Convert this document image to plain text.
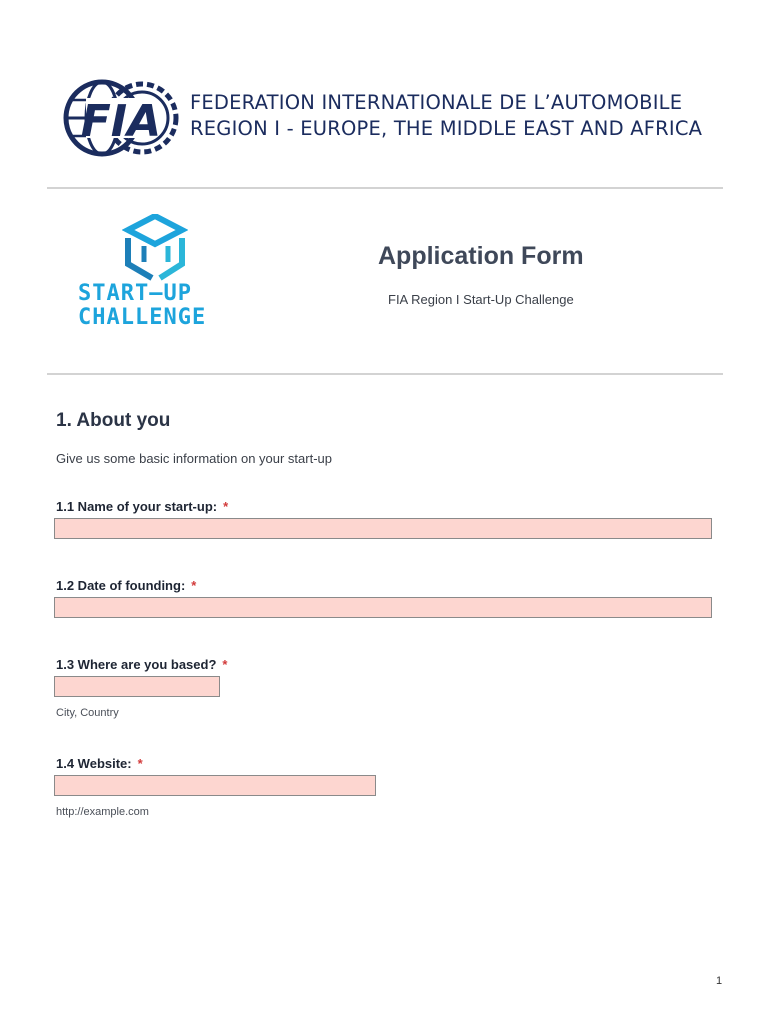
FIA FEDERATION INTERNATIONALE DE L’AUTOMOBILE
REGION I - EUROPE, THE MIDDLE EAST AND AFRICA
START–UP
CHALLENGE
Application Form
FIA Region I Start-Up Challenge
1. About you
Give us some basic information on your start-up
1.1 Name of your start-up: *
1.2 Date of founding: *
1.3 Where are you based? *
City, Country
1.4 Website: *
http://example.com
1
